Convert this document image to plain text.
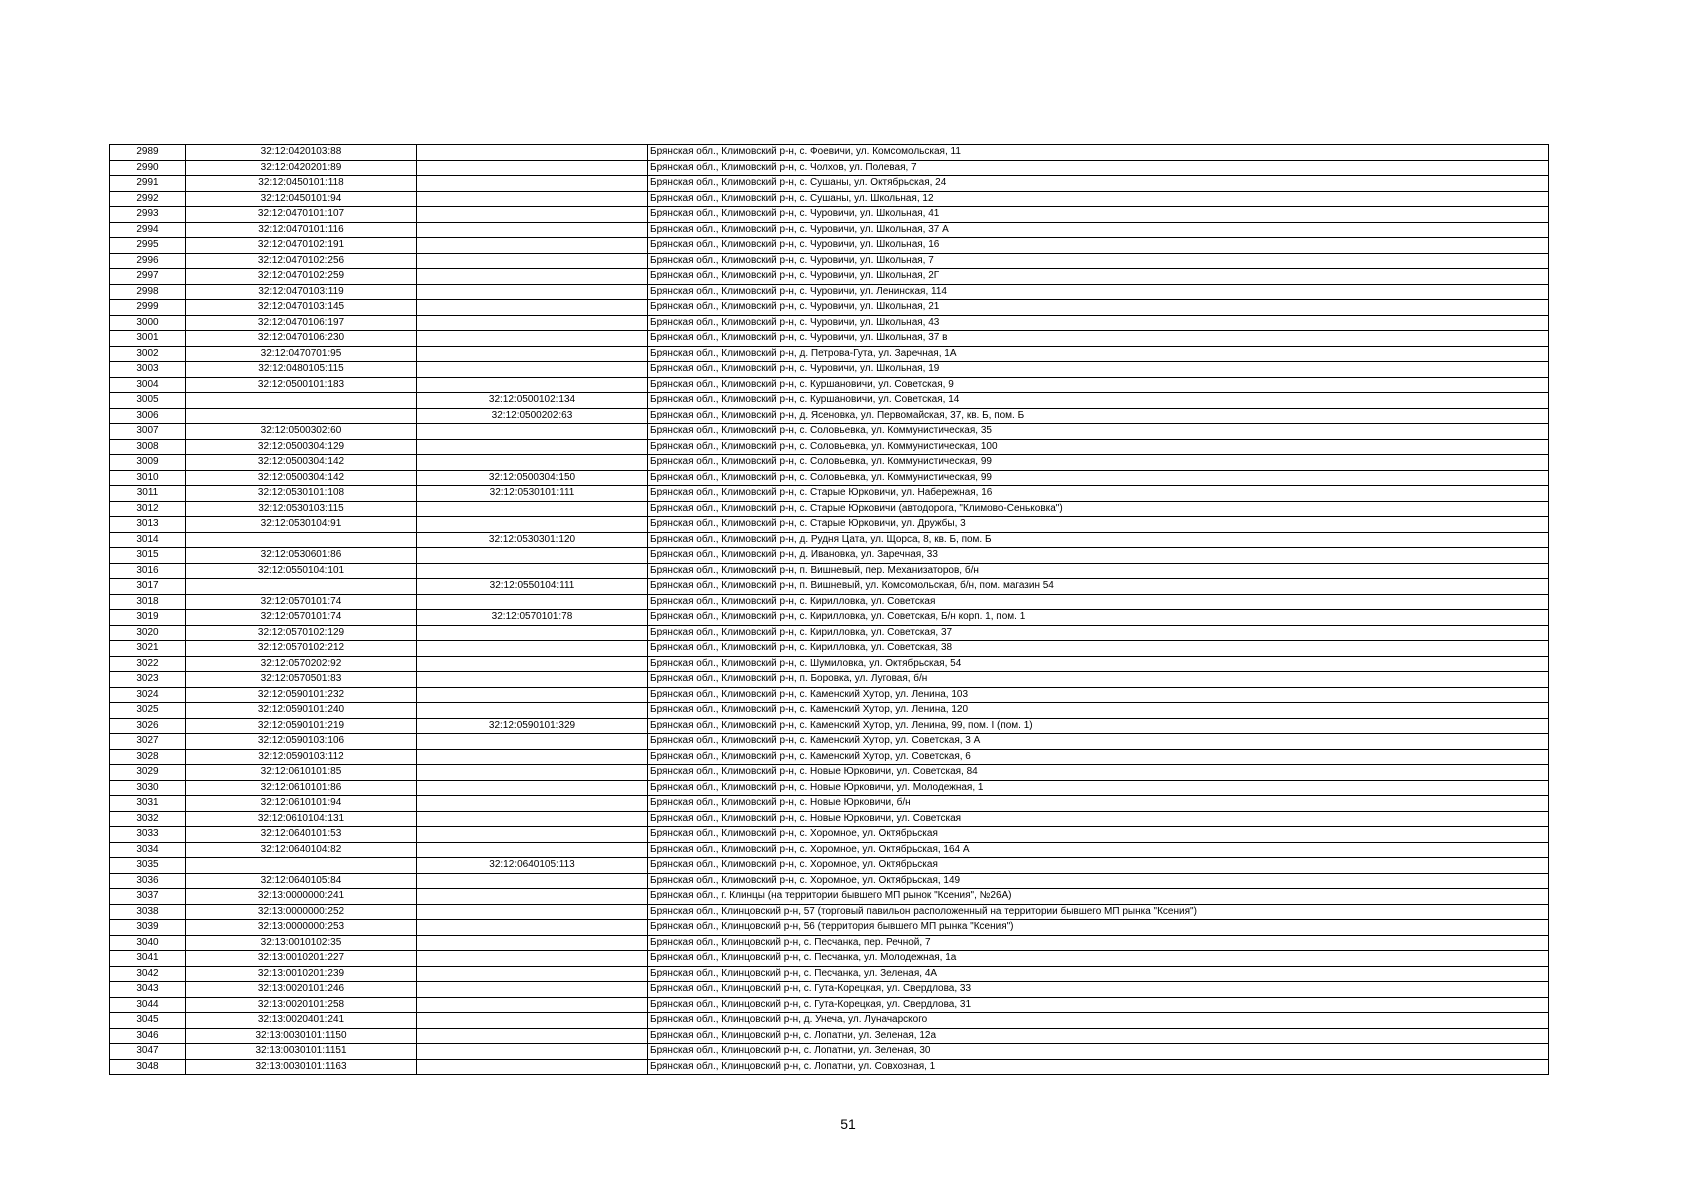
2989	32:12:0420103:88		Брянская обл., Климовский р-н, с. Фоевичи, ул. Комсомольская, 11
2990	32:12:0420201:89		Брянская обл., Климовский р-н, с. Чолхов, ул. Полевая, 7
2991	32:12:0450101:118		Брянская обл., Климовский р-н, с. Сушаны, ул. Октябрьская, 24
2992	32:12:0450101:94		Брянская обл., Климовский р-н, с. Сушаны, ул. Школьная, 12
2993	32:12:0470101:107		Брянская обл., Климовский р-н, с. Чуровичи, ул. Школьная, 41
2994	32:12:0470101:116		Брянская обл., Климовский р-н, с. Чуровичи, ул. Школьная, 37 А
2995	32:12:0470102:191		Брянская обл., Климовский р-н, с. Чуровичи, ул. Школьная, 16
2996	32:12:0470102:256		Брянская обл., Климовский р-н, с. Чуровичи, ул. Школьная, 7
2997	32:12:0470102:259		Брянская обл., Климовский р-н, с. Чуровичи, ул. Школьная, 2Г
2998	32:12:0470103:119		Брянская обл., Климовский р-н, с. Чуровичи, ул. Ленинская, 114
2999	32:12:0470103:145		Брянская обл., Климовский р-н, с. Чуровичи, ул. Школьная, 21
3000	32:12:0470106:197		Брянская обл., Климовский р-н, с. Чуровичи, ул. Школьная, 43
3001	32:12:0470106:230		Брянская обл., Климовский р-н, с. Чуровичи, ул. Школьная, 37 в
3002	32:12:0470701:95		Брянская обл., Климовский р-н, д. Петрова-Гута, ул. Заречная, 1А
3003	32:12:0480105:115		Брянская обл., Климовский р-н, с. Чуровичи, ул. Школьная, 19
3004	32:12:0500101:183		Брянская обл., Климовский р-н, с. Куршановичи, ул. Советская, 9
3005		32:12:0500102:134	Брянская обл., Климовский р-н, с. Куршановичи, ул. Советская, 14
3006		32:12:0500202:63	Брянская обл., Климовский р-н, д. Ясеновка, ул. Первомайская, 37, кв. Б, пом. Б
3007	32:12:0500302:60		Брянская обл., Климовский р-н, с. Соловьевка, ул. Коммунистическая, 35
3008	32:12:0500304:129		Брянская обл., Климовский р-н, с. Соловьевка, ул. Коммунистическая, 100
3009	32:12:0500304:142		Брянская обл., Климовский р-н, с. Соловьевка, ул. Коммунистическая, 99
3010	32:12:0500304:142	32:12:0500304:150	Брянская обл., Климовский р-н, с. Соловьевка, ул. Коммунистическая, 99
3011	32:12:0530101:108	32:12:0530101:111	Брянская обл., Климовский р-н, с. Старые Юрковичи, ул. Набережная, 16
3012	32:12:0530103:115		Брянская обл., Климовский р-н, с. Старые Юрковичи (автодорога, "Климово-Сеньковка")
3013	32:12:0530104:91		Брянская обл., Климовский р-н, с. Старые Юрковичи, ул. Дружбы, 3
3014		32:12:0530301:120	Брянская обл., Климовский р-н, д. Рудня Цата, ул. Щорса, 8, кв. Б, пом. Б
3015	32:12:0530601:86		Брянская обл., Климовский р-н, д. Ивановка, ул. Заречная, 33
3016	32:12:0550104:101		Брянская обл., Климовский р-н, п. Вишневый, пер. Механизаторов, б/н
3017		32:12:0550104:111	Брянская обл., Климовский р-н, п. Вишневый, ул. Комсомольская, б/н, пом. магазин 54
3018	32:12:0570101:74		Брянская обл., Климовский р-н, с. Кирилловка, ул. Советская
3019	32:12:0570101:74	32:12:0570101:78	Брянская обл., Климовский р-н, с. Кирилловка, ул. Советская, Б/н корп. 1, пом. 1
3020	32:12:0570102:129		Брянская обл., Климовский р-н, с. Кирилловка, ул. Советская, 37
3021	32:12:0570102:212		Брянская обл., Климовский р-н, с. Кирилловка, ул. Советская, 38
3022	32:12:0570202:92		Брянская обл., Климовский р-н, с. Шумиловка, ул. Октябрьская, 54
3023	32:12:0570501:83		Брянская обл., Климовский р-н, п. Боровка, ул. Луговая, б/н
3024	32:12:0590101:232		Брянская обл., Климовский р-н, с. Каменский Хутор, ул. Ленина, 103
3025	32:12:0590101:240		Брянская обл., Климовский р-н, с. Каменский Хутор, ул. Ленина, 120
3026	32:12:0590101:219	32:12:0590101:329	Брянская обл., Климовский р-н, с. Каменский Хутор, ул. Ленина, 99, пом. I (пом. 1)
3027	32:12:0590103:106		Брянская обл., Климовский р-н, с. Каменский Хутор, ул. Советская, 3 А
3028	32:12:0590103:112		Брянская обл., Климовский р-н, с. Каменский Хутор, ул. Советская, 6
3029	32:12:0610101:85		Брянская обл., Климовский р-н, с. Новые Юрковичи, ул. Советская, 84
3030	32:12:0610101:86		Брянская обл., Климовский р-н, с. Новые Юрковичи, ул. Молодежная, 1
3031	32:12:0610101:94		Брянская обл., Климовский р-н, с. Новые Юрковичи, б/н
3032	32:12:0610104:131		Брянская обл., Климовский р-н, с. Новые Юрковичи, ул. Советская
3033	32:12:0640101:53		Брянская обл., Климовский р-н, с. Хоромное, ул. Октябрьская
3034	32:12:0640104:82		Брянская обл., Климовский р-н, с. Хоромное, ул. Октябрьская, 164 А
3035		32:12:0640105:113	Брянская обл., Климовский р-н, с. Хоромное, ул. Октябрьская
3036	32:12:0640105:84		Брянская обл., Климовский р-н, с. Хоромное, ул. Октябрьская, 149
3037	32:13:0000000:241		Брянская обл., г. Клинцы (на территории бывшего МП рынок "Ксения", №26А)
3038	32:13:0000000:252		Брянская обл., Клинцовский р-н, 57 (торговый павильон расположенный на территории бывшего МП рынка "Ксения")
3039	32:13:0000000:253		Брянская обл., Клинцовский р-н, 56 (территория бывшего МП рынка "Ксения")
3040	32:13:0010102:35		Брянская обл., Клинцовский р-н, с. Песчанка, пер. Речной, 7
3041	32:13:0010201:227		Брянская обл., Клинцовский р-н, с. Песчанка, ул. Молодежная, 1а
3042	32:13:0010201:239		Брянская обл., Клинцовский р-н, с. Песчанка, ул. Зеленая, 4А
3043	32:13:0020101:246		Брянская обл., Клинцовский р-н, с. Гута-Корецкая, ул. Свердлова, 33
3044	32:13:0020101:258		Брянская обл., Клинцовский р-н, с. Гута-Корецкая, ул. Свердлова, 31
3045	32:13:0020401:241		Брянская обл., Клинцовский р-н, д. Унеча, ул. Луначарского
3046	32:13:0030101:1150		Брянская обл., Клинцовский р-н, с. Лопатни, ул. Зеленая, 12а
3047	32:13:0030101:1151		Брянская обл., Клинцовский р-н, с. Лопатни, ул. Зеленая, 30
3048	32:13:0030101:1163		Брянская обл., Клинцовский р-н, с. Лопатни, ул. Совхозная, 1
51
